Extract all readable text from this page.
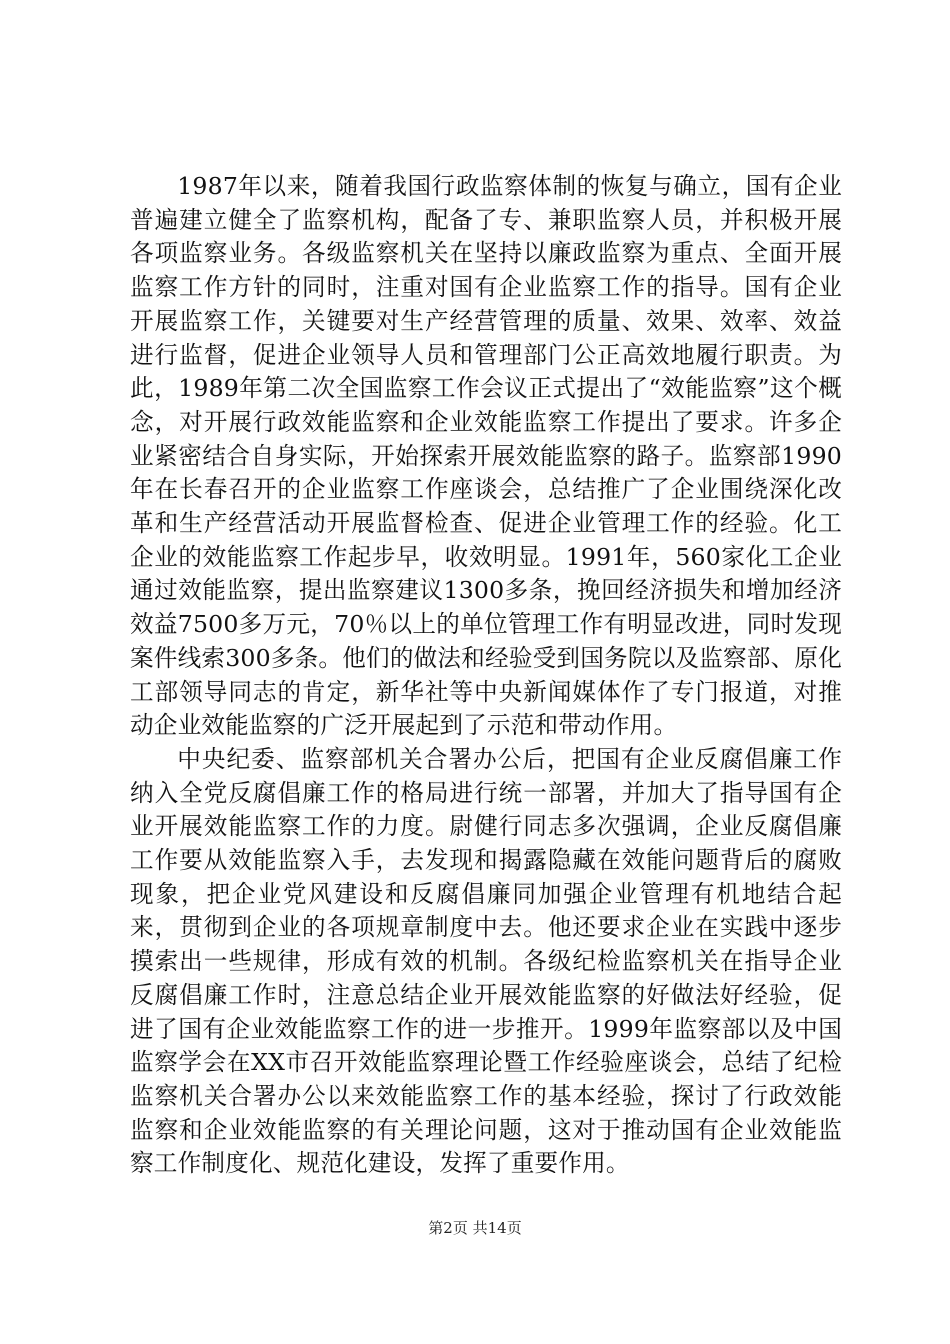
1987年以来，随着我国行政监察体制的恢复与确立，国有企业普遍建立健全了监察机构，配备了专、兼职监察人员，并积极开展各项监察业务。各级监察机关在坚持以廉政监察为重点、全面开展监察工作方针的同时，注重对国有企业监察工作的指导。国有企业开展监察工作，关键要对生产经营管理的质量、效果、效率、效益进行监督，促进企业领导人员和管理部门公正高效地履行职责。为此，1989年第二次全国监察工作会议正式提出了“效能监察”这个概念，对开展行政效能监察和企业效能监察工作提出了要求。许多企业紧密结合自身实际，开始探索开展效能监察的路子。监察部1990年在长春召开的企业监察工作座谈会，总结推广了企业围绕深化改革和生产经营活动开展监督检查、促进企业管理工作的经验。化工企业的效能监察工作起步早，收效明显。1991年，560家化工企业通过效能监察，提出监察建议1300多条，挽回经济损失和增加经济效益7500多万元，70％以上的单位管理工作有明显改进，同时发现案件线索300多条。他们的做法和经验受到国务院以及监察部、原化工部领导同志的肯定，新华社等中央新闻媒体作了专门报道，对推动企业效能监察的广泛开展起到了示范和带动作用。

中央纪委、监察部机关合署办公后，把国有企业反腐倡廉工作纳入全党反腐倡廉工作的格局进行统一部署，并加大了指导国有企业开展效能监察工作的力度。尉健行同志多次强调，企业反腐倡廉工作要从效能监察入手，去发现和揭露隐藏在效能问题背后的腐败现象，把企业党风建设和反腐倡廉同加强企业管理有机地结合起来，贯彻到企业的各项规章制度中去。他还要求企业在实践中逐步摸索出一些规律，形成有效的机制。各级纪检监察机关在指导企业反腐倡廉工作时，注意总结企业开展效能监察的好做法好经验，促进了国有企业效能监察工作的进一步推开。1999年监察部以及中国监察学会在XX市召开效能监察理论暨工作经验座谈会，总结了纪检监察机关合署办公以来效能监察工作的基本经验，探讨了行政效能监察和企业效能监察的有关理论问题，这对于推动国有企业效能监察工作制度化、规范化建设，发挥了重要作用。

第2页 共14页
